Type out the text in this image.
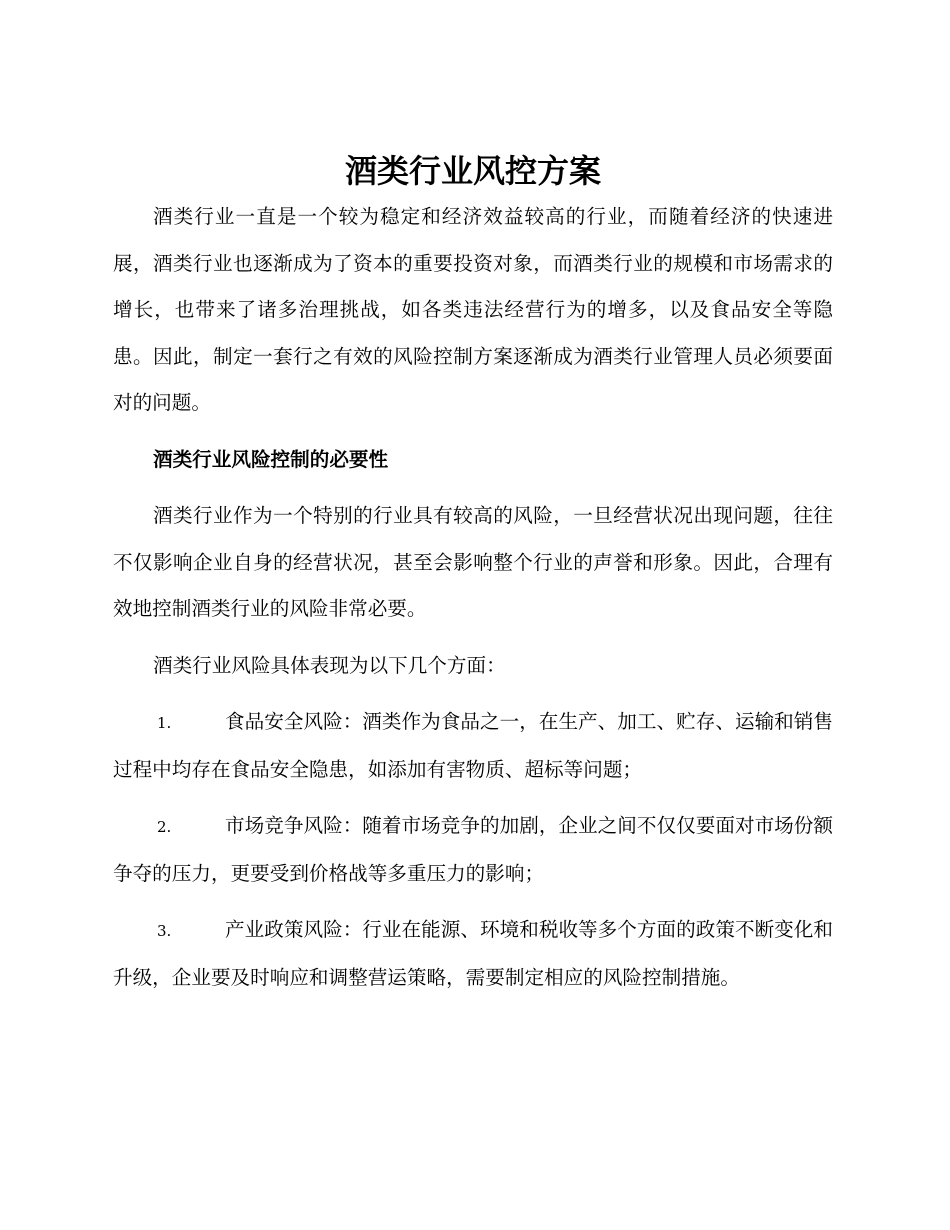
酒类行业风控方案

酒类行业一直是一个较为稳定和经济效益较高的行业，而随着经济的快速进展，酒类行业也逐渐成为了资本的重要投资对象，而酒类行业的规模和市场需求的增长，也带来了诸多治理挑战，如各类违法经营行为的增多，以及食品安全等隐患。因此，制定一套行之有效的风险控制方案逐渐成为酒类行业管理人员必须要面对的问题。

酒类行业风险控制的必要性

酒类行业作为一个特别的行业具有较高的风险，一旦经营状况出现问题，往往不仅影响企业自身的经营状况，甚至会影响整个行业的声誉和形象。因此，合理有效地控制酒类行业的风险非常必要。

酒类行业风险具体表现为以下几个方面：

1.	食品安全风险：酒类作为食品之一，在生产、加工、贮存、运输和销售过程中均存在食品安全隐患，如添加有害物质、超标等问题；

2.	市场竞争风险：随着市场竞争的加剧，企业之间不仅仅要面对市场份额争夺的压力，更要受到价格战等多重压力的影响；

3.	产业政策风险：行业在能源、环境和税收等多个方面的政策不断变化和升级，企业要及时响应和调整营运策略，需要制定相应的风险控制措施。
